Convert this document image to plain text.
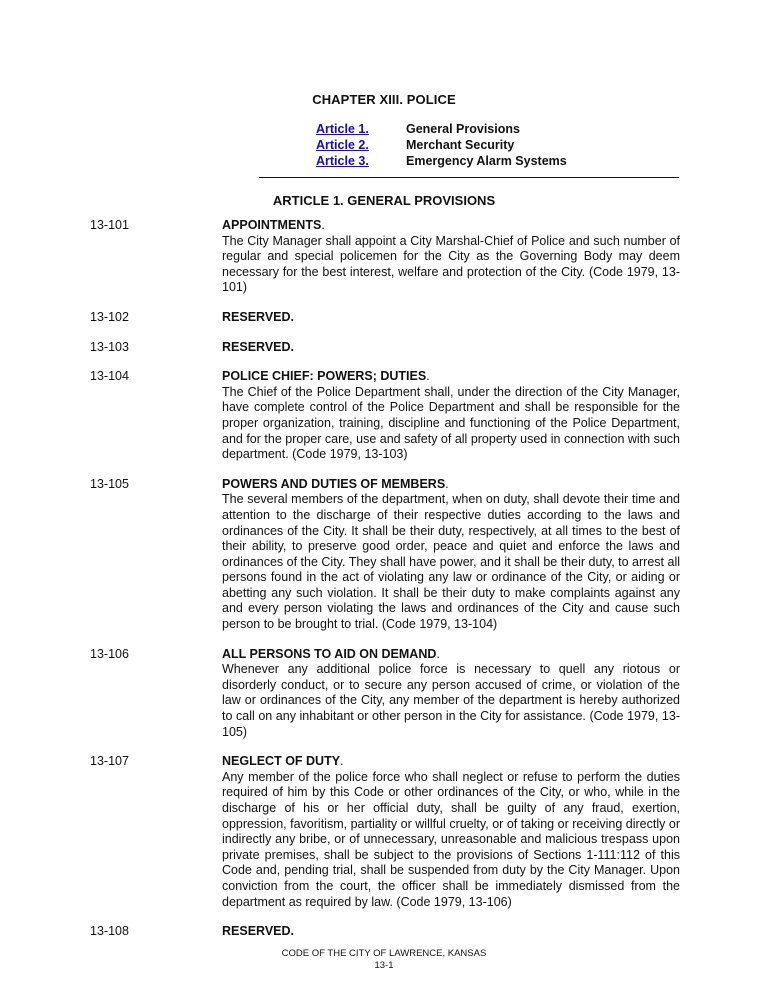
CHAPTER XIII. POLICE
Article 1.	General Provisions
Article 2.	Merchant Security
Article 3.	Emergency Alarm Systems
ARTICLE 1. GENERAL PROVISIONS
13-101	APPOINTMENTS.
The City Manager shall appoint a City Marshal-Chief of Police and such number of regular and special policemen for the City as the Governing Body may deem necessary for the best interest, welfare and protection of the City. (Code 1979, 13-101)
13-102	RESERVED.
13-103	RESERVED.
13-104	POLICE CHIEF: POWERS; DUTIES.
The Chief of the Police Department shall, under the direction of the City Manager, have complete control of the Police Department and shall be responsible for the proper organization, training, discipline and functioning of the Police Department, and for the proper care, use and safety of all property used in connection with such department. (Code 1979, 13-103)
13-105	POWERS AND DUTIES OF MEMBERS.
The several members of the department, when on duty, shall devote their time and attention to the discharge of their respective duties according to the laws and ordinances of the City. It shall be their duty, respectively, at all times to the best of their ability, to preserve good order, peace and quiet and enforce the laws and ordinances of the City. They shall have power, and it shall be their duty, to arrest all persons found in the act of violating any law or ordinance of the City, or aiding or abetting any such violation. It shall be their duty to make complaints against any and every person violating the laws and ordinances of the City and cause such person to be brought to trial. (Code 1979, 13-104)
13-106	ALL PERSONS TO AID ON DEMAND.
Whenever any additional police force is necessary to quell any riotous or disorderly conduct, or to secure any person accused of crime, or violation of the law or ordinances of the City, any member of the department is hereby authorized to call on any inhabitant or other person in the City for assistance. (Code 1979, 13-105)
13-107	NEGLECT OF DUTY.
Any member of the police force who shall neglect or refuse to perform the duties required of him by this Code or other ordinances of the City, or who, while in the discharge of his or her official duty, shall be guilty of any fraud, exertion, oppression, favoritism, partiality or willful cruelty, or of taking or receiving directly or indirectly any bribe, or of unnecessary, unreasonable and malicious trespass upon private premises, shall be subject to the provisions of Sections 1-111:112 of this Code and, pending trial, shall be suspended from duty by the City Manager. Upon conviction from the court, the officer shall be immediately dismissed from the department as required by law. (Code 1979, 13-106)
13-108	RESERVED.
CODE OF THE CITY OF LAWRENCE, KANSAS
13-1
